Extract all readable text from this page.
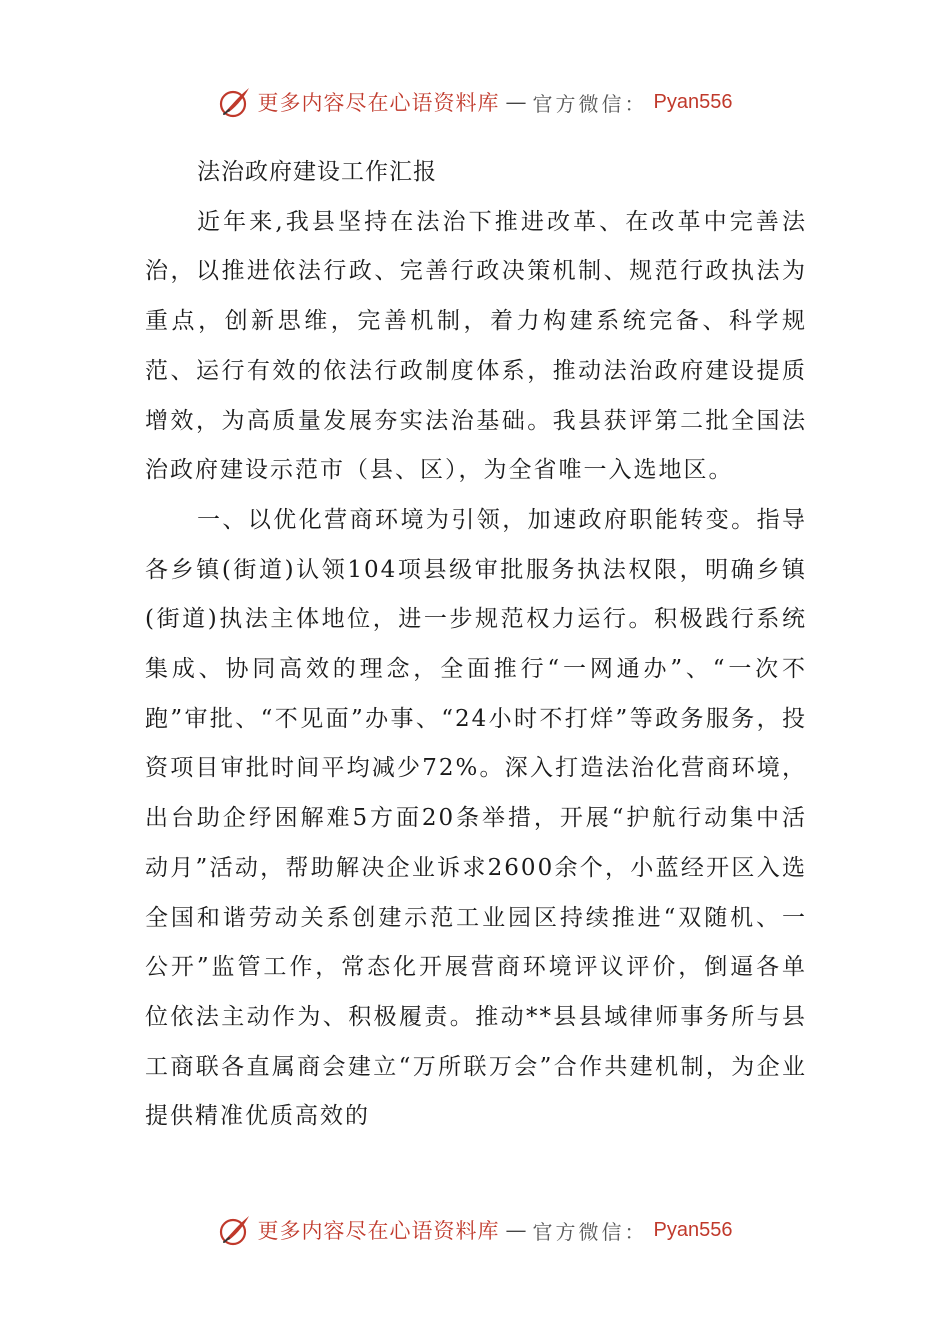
更多内容尽在心语资料库 — 官方微信： Pyan556
法治政府建设工作汇报

近年来,我县坚持在法治下推进改革、在改革中完善法治，以推进依法行政、完善行政决策机制、规范行政执法为重点，创新思维，完善机制，着力构建系统完备、科学规范、运行有效的依法行政制度体系，推动法治政府建设提质增效，为高质量发展夯实法治基础。我县获评第二批全国法治政府建设示范市（县、区），为全省唯一入选地区。

一、以优化营商环境为引领，加速政府职能转变。指导各乡镇(街道)认领104项县级审批服务执法权限，明确乡镇(街道)执法主体地位，进一步规范权力运行。积极践行系统集成、协同高效的理念，全面推行“一网通办”、“一次不跑”审批、“不见面”办事、“24小时不打烊”等政务服务，投资项目审批时间平均减少72%。深入打造法治化营商环境，出台助企纾困解难5方面20条举措，开展“护航行动集中活动月”活动，帮助解决企业诉求2600余个，小蓝经开区入选全国和谐劳动关系创建示范工业园区持续推进“双随机、一公开”监管工作，常态化开展营商环境评议评价，倒逼各单位依法主动作为、积极履责。推动**县县域律师事务所与县工商联各直属商会建立“万所联万会”合作共建机制，为企业提供精准优质高效的

更多内容尽在心语资料库 — 官方微信： Pyan556
